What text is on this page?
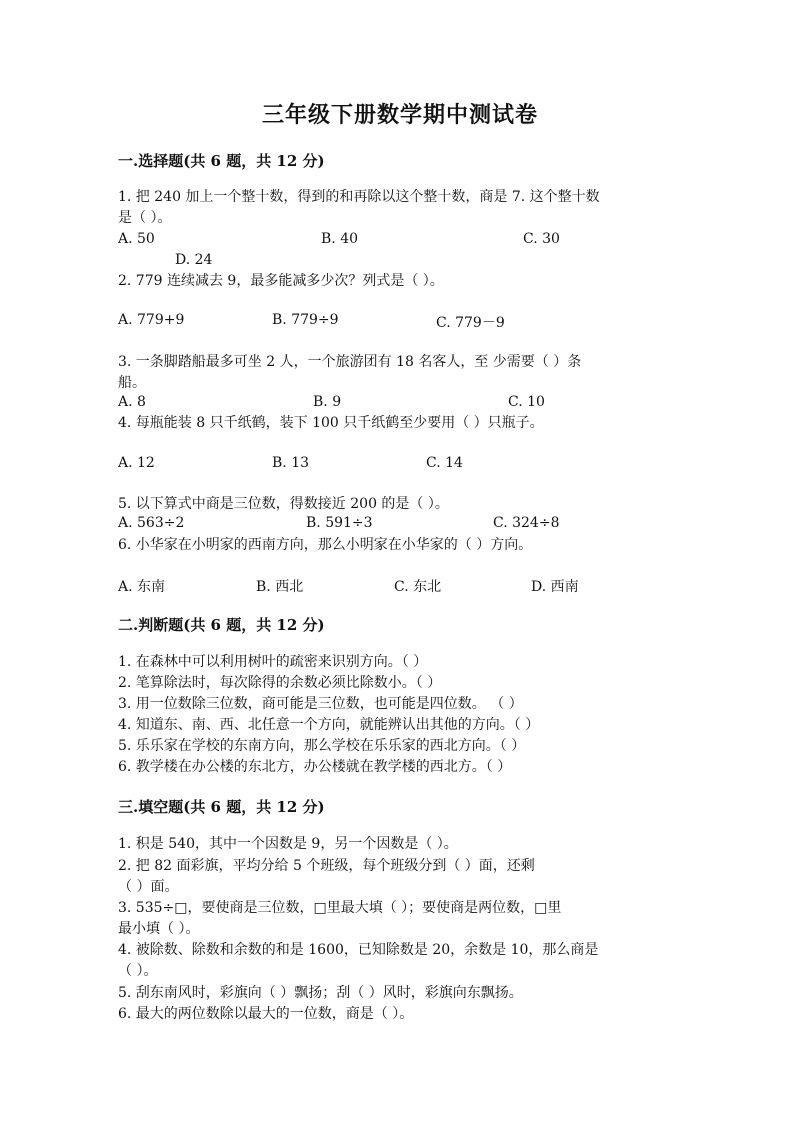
三年级下册数学期中测试卷
一.选择题(共 6 题，共 12 分)
1. 把 240 加上一个整十数，得到的和再除以这个整十数，商是 7. 这个整十数
是（ ）。
A. 50	B. 40	C. 30
D. 24
2. 779 连续减去 9，最多能减多少次？列式是（ ）。
A. 779+9	B. 779÷9	C. 779－9
3. 一条脚踏船最多可坐 2 人，一个旅游团有 18 名客人，至 少需要（ ）条
船。
A. 8	B. 9	C. 10
4. 每瓶能装 8 只千纸鹤，装下 100 只千纸鹤至少要用（ ）只瓶子。
A. 12	B. 13	C. 14
5. 以下算式中商是三位数，得数接近 200 的是（ ）。
A. 563÷2	B. 591÷3	C. 324÷8
6. 小华家在小明家的西南方向，那么小明家在小华家的（ ）方向。
A. 东南	B. 西北	C. 东北	D. 西南
二.判断题(共 6 题，共 12 分)
1. 在森林中可以利用树叶的疏密来识别方向。（ ）
2. 笔算除法时，每次除得的余数必须比除数小。（ ）
3. 用一位数除三位数，商可能是三位数，也可能是四位数。 （ ）
4. 知道东、南、西、北任意一个方向，就能辨认出其他的方向。（ ）
5. 乐乐家在学校的东南方向，那么学校在乐乐家的西北方向。（ ）
6. 教学楼在办公楼的东北方，办公楼就在教学楼的西北方。（ ）
三.填空题(共 6 题，共 12 分)
1. 积是 540，其中一个因数是 9，另一个因数是（ ）。
2. 把 82 面彩旗，平均分给 5 个班级，每个班级分到（ ）面，还剩
（ ）面。
3. 535÷□，要使商是三位数，□里最大填（ ）；要使商是两位数，□里
最小填（ ）。
4. 被除数、除数和余数的和是 1600，已知除数是 20，余数是 10，那么商是
（ ）。
5. 刮东南风时，彩旗向（ ）飘扬；刮（ ）风时，彩旗向东飘扬。
6. 最大的两位数除以最大的一位数，商是（ ）。
